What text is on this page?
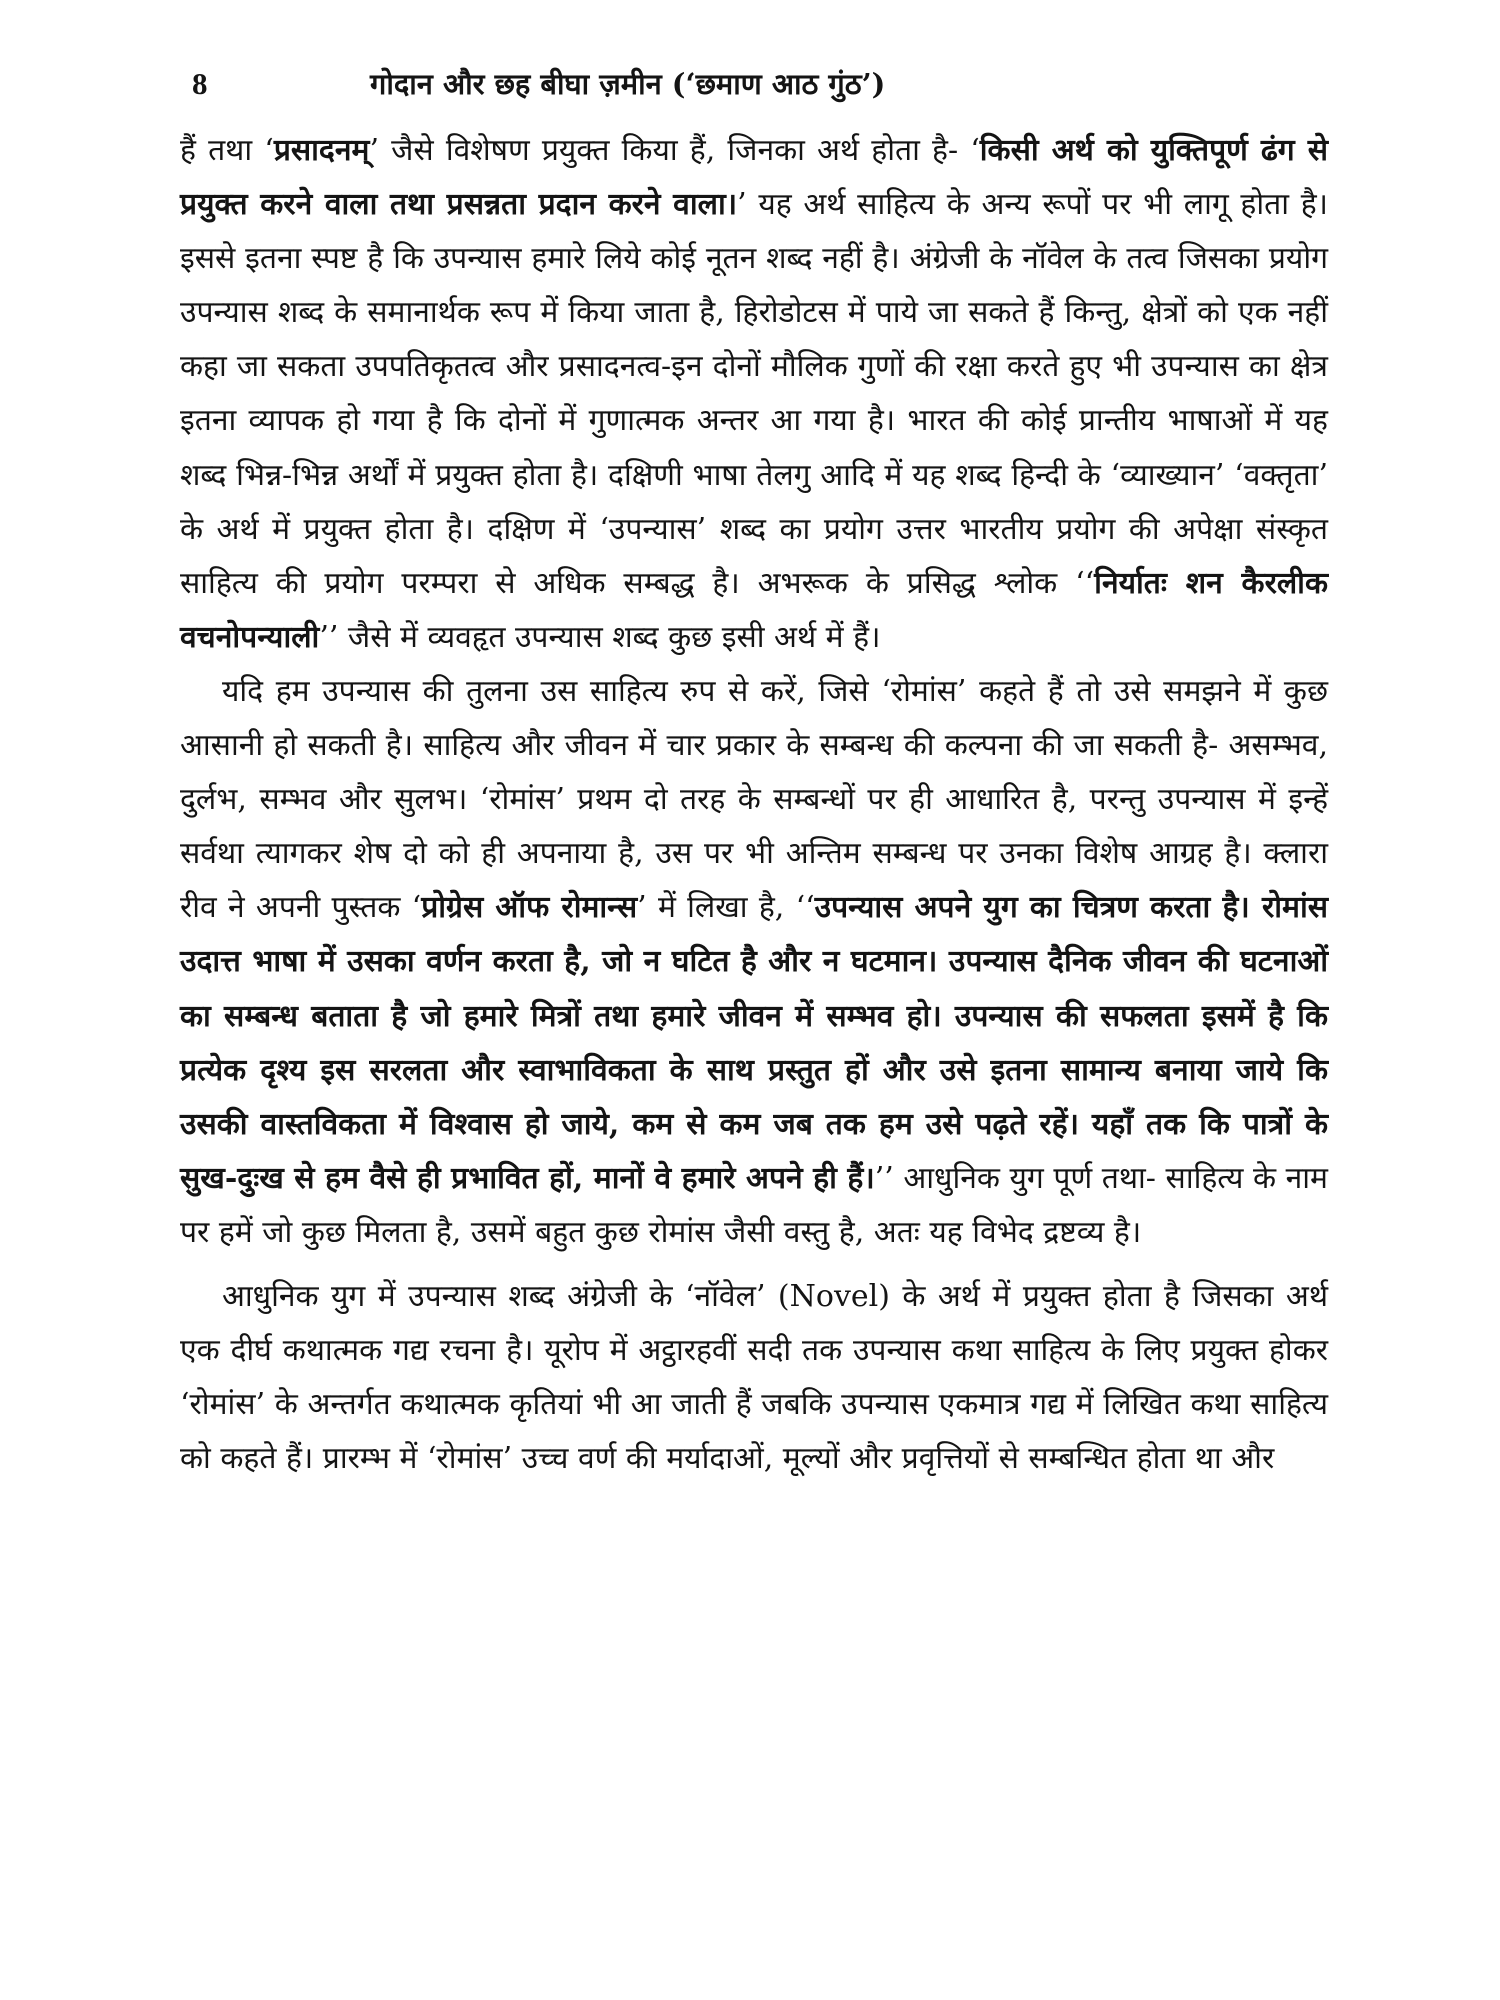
8	गोदान और छह बीघा ज़मीन (‘छमाण आठ गुंठ’)

हैं तथा ‘प्रसादनम्’ जैसे विशेषण प्रयुक्त किया हैं, जिनका अर्थ होता है- ‘किसी अर्थ को युक्तिपूर्ण ढंग से प्रयुक्त करने वाला तथा प्रसन्नता प्रदान करने वाला।’ यह अर्थ साहित्य के अन्य रूपों पर भी लागू होता है। इससे इतना स्पष्ट है कि उपन्यास हमारे लिये कोई नूतन शब्द नहीं है। अंग्रेजी के नॉवेल के तत्व जिसका प्रयोग उपन्यास शब्द के समानार्थक रूप में किया जाता है, हिरोडोटस में पाये जा सकते हैं किन्तु, क्षेत्रों को एक नहीं कहा जा सकता उपपतिकृतत्व और प्रसादनत्व-इन दोनों मौलिक गुणों की रक्षा करते हुए भी उपन्यास का क्षेत्र इतना व्यापक हो गया है कि दोनों में गुणात्मक अन्तर आ गया है। भारत की कोई प्रान्तीय भाषाओं में यह शब्द भिन्न-भिन्न अर्थों में प्रयुक्त होता है। दक्षिणी भाषा तेलगु आदि में यह शब्द हिन्दी के ‘व्याख्यान’ ‘वक्तृता’ के अर्थ में प्रयुक्त होता है। दक्षिण में ‘उपन्यास’ शब्द का प्रयोग उत्तर भारतीय प्रयोग की अपेक्षा संस्कृत साहित्य की प्रयोग परम्परा से अधिक सम्बद्ध है। अभरूक के प्रसिद्ध श्लोक ‘‘निर्यातः शन कैरलीक वचनोपन्याली’’ जैसे में व्यवहृत उपन्यास शब्द कुछ इसी अर्थ में हैं।

यदि हम उपन्यास की तुलना उस साहित्य रुप से करें, जिसे ‘रोमांस’ कहते हैं तो उसे समझने में कुछ आसानी हो सकती है। साहित्य और जीवन में चार प्रकार के सम्बन्ध की कल्पना की जा सकती है- असम्भव, दुर्लभ, सम्भव और सुलभ। ‘रोमांस’ प्रथम दो तरह के सम्बन्धों पर ही आधारित है, परन्तु उपन्यास में इन्हें सर्वथा त्यागकर शेष दो को ही अपनाया है, उस पर भी अन्तिम सम्बन्ध पर उनका विशेष आग्रह है। क्लारा रीव ने अपनी पुस्तक ‘प्रोग्रेस ऑफ रोमान्स’ में लिखा है, ‘‘उपन्यास अपने युग का चित्रण करता है। रोमांस उदात्त भाषा में उसका वर्णन करता है, जो न घटित है और न घटमान। उपन्यास दैनिक जीवन की घटनाओं का सम्बन्ध बताता है जो हमारे मित्रों तथा हमारे जीवन में सम्भव हो। उपन्यास की सफलता इसमें है कि प्रत्येक दृश्य इस सरलता और स्वाभाविकता के साथ प्रस्तुत हों और उसे इतना सामान्य बनाया जाये कि उसकी वास्तविकता में विश्वास हो जाये, कम से कम जब तक हम उसे पढ़ते रहें। यहाँ तक कि पात्रों के सुख-दुःख से हम वैसे ही प्रभावित हों, मानों वे हमारे अपने ही हैं।’’ आधुनिक युग पूर्ण तथा- साहित्य के नाम पर हमें जो कुछ मिलता है, उसमें बहुत कुछ रोमांस जैसी वस्तु है, अतः यह विभेद द्रष्टव्य है।

आधुनिक युग में उपन्यास शब्द अंग्रेजी के ‘नॉवेल’ (Novel) के अर्थ में प्रयुक्त होता है जिसका अर्थ एक दीर्घ कथात्मक गद्य रचना है। यूरोप में अट्ठारहवीं सदी तक उपन्यास कथा साहित्य के लिए प्रयुक्त होकर ‘रोमांस’ के अन्तर्गत कथात्मक कृतियां भी आ जाती हैं जबकि उपन्यास एकमात्र गद्य में लिखित कथा साहित्य को कहते हैं। प्रारम्भ में ‘रोमांस’ उच्च वर्ण की मर्यादाओं, मूल्यों और प्रवृत्तियों से सम्बन्धित होता था और
